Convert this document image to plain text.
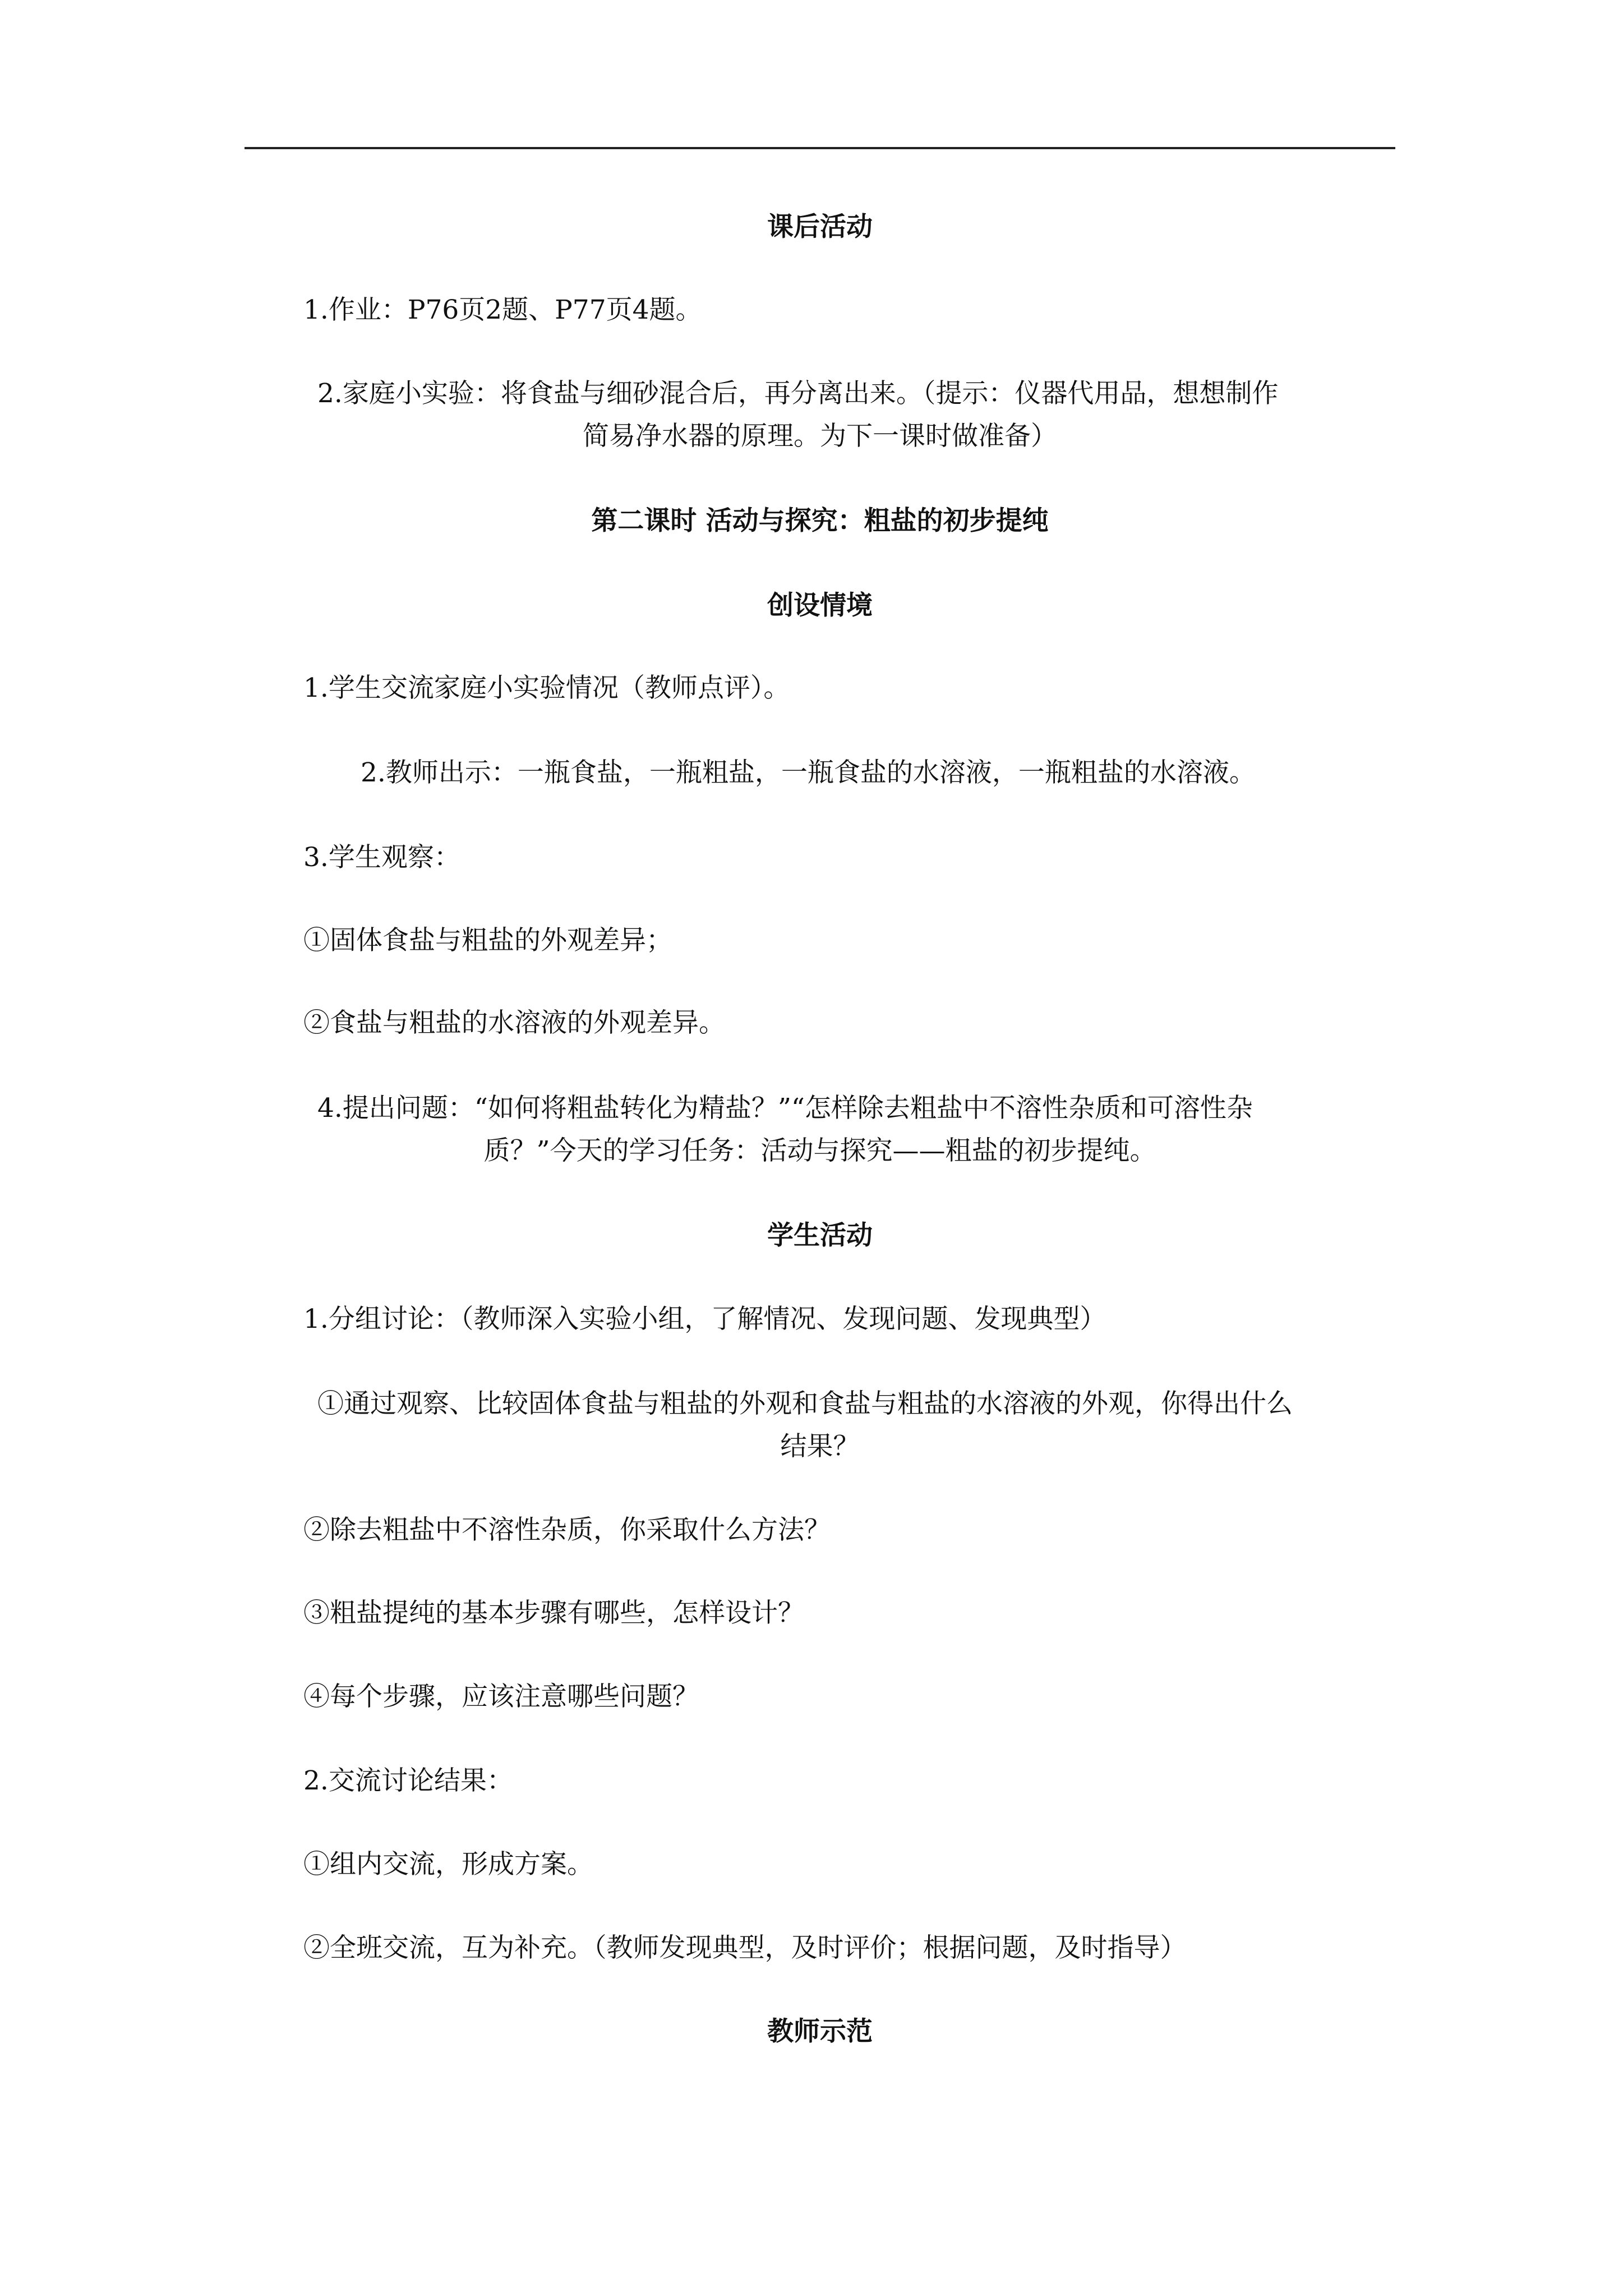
课后活动

1.作业：P76页2题、P77页4题。

2.家庭小实验：将食盐与细砂混合后，再分离出来。（提示：仪器代用品，想想制作

简易净水器的原理。为下一课时做准备）

第二课时 活动与探究：粗盐的初步提纯

创设情境

1.学生交流家庭小实验情况（教师点评）。

2.教师出示：一瓶食盐，一瓶粗盐，一瓶食盐的水溶液，一瓶粗盐的水溶液。

3.学生观察：

①固体食盐与粗盐的外观差异；

②食盐与粗盐的水溶液的外观差异。

4.提出问题：“如何将粗盐转化为精盐？”“怎样除去粗盐中不溶性杂质和可溶性杂

质？”今天的学习任务：活动与探究——粗盐的初步提纯。

学生活动

1.分组讨论：（教师深入实验小组，了解情况、发现问题、发现典型）

①通过观察、比较固体食盐与粗盐的外观和食盐与粗盐的水溶液的外观，你得出什么

结果？

②除去粗盐中不溶性杂质，你采取什么方法？

③粗盐提纯的基本步骤有哪些，怎样设计？

④每个步骤，应该注意哪些问题？

2.交流讨论结果：

①组内交流，形成方案。

②全班交流，互为补充。（教师发现典型，及时评价；根据问题，及时指导）

教师示范
